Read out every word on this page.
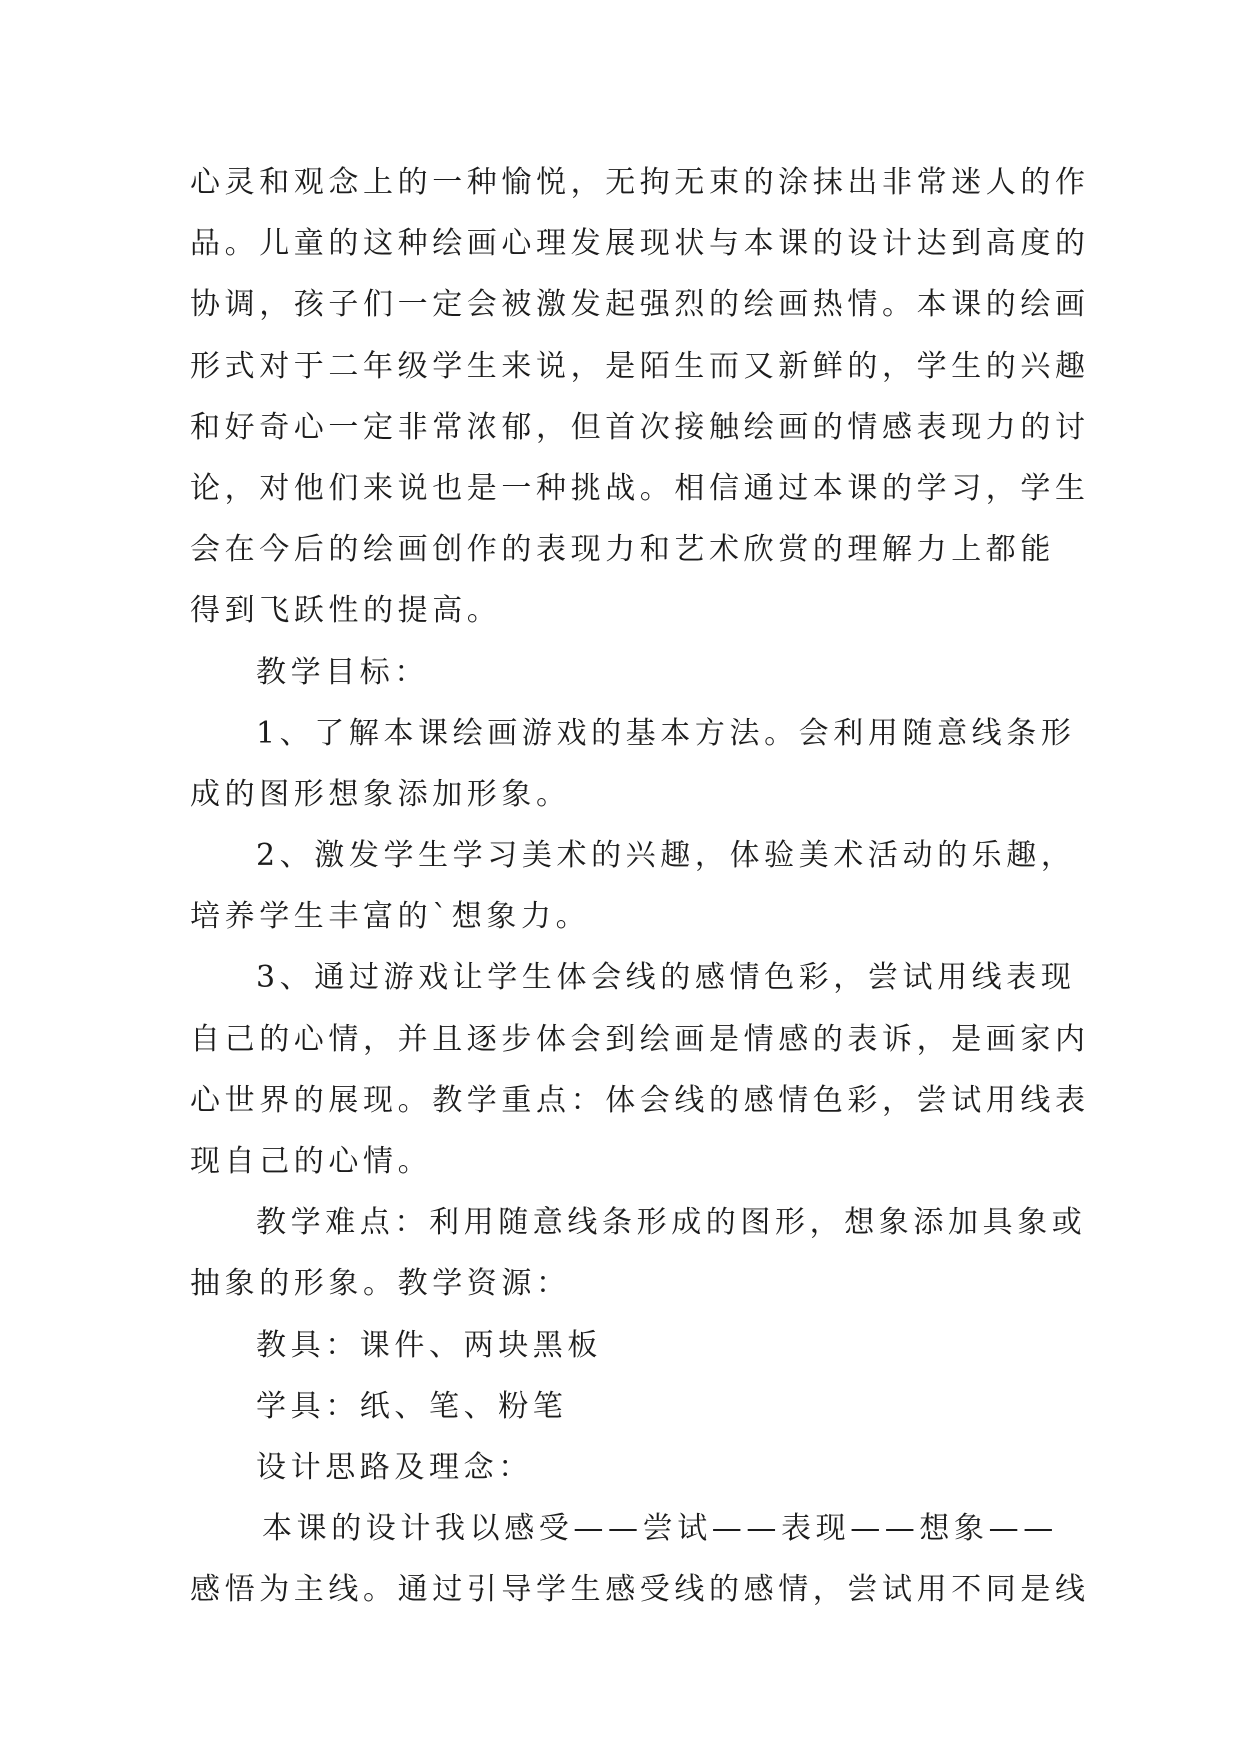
心灵和观念上的一种愉悦，无拘无束的涂抹出非常迷人的作
品。儿童的这种绘画心理发展现状与本课的设计达到高度的
协调，孩子们一定会被激发起强烈的绘画热情。本课的绘画
形式对于二年级学生来说，是陌生而又新鲜的，学生的兴趣
和好奇心一定非常浓郁，但首次接触绘画的情感表现力的讨
论，对他们来说也是一种挑战。相信通过本课的学习，学生
会在今后的绘画创作的表现力和艺术欣赏的理解力上都能
得到飞跃性的提高。
教学目标：
1、了解本课绘画游戏的基本方法。会利用随意线条形
成的图形想象添加形象。
2、激发学生学习美术的兴趣，体验美术活动的乐趣，
培养学生丰富的`想象力。
3、通过游戏让学生体会线的感情色彩，尝试用线表现
自己的心情，并且逐步体会到绘画是情感的表诉，是画家内
心世界的展现。教学重点：体会线的感情色彩，尝试用线表
现自己的心情。
教学难点：利用随意线条形成的图形，想象添加具象或
抽象的形象。教学资源：
教具：课件、两块黑板
学具：纸、笔、粉笔
设计思路及理念：
本课的设计我以感受——尝试——表现——想象——
感悟为主线。通过引导学生感受线的感情，尝试用不同是线
